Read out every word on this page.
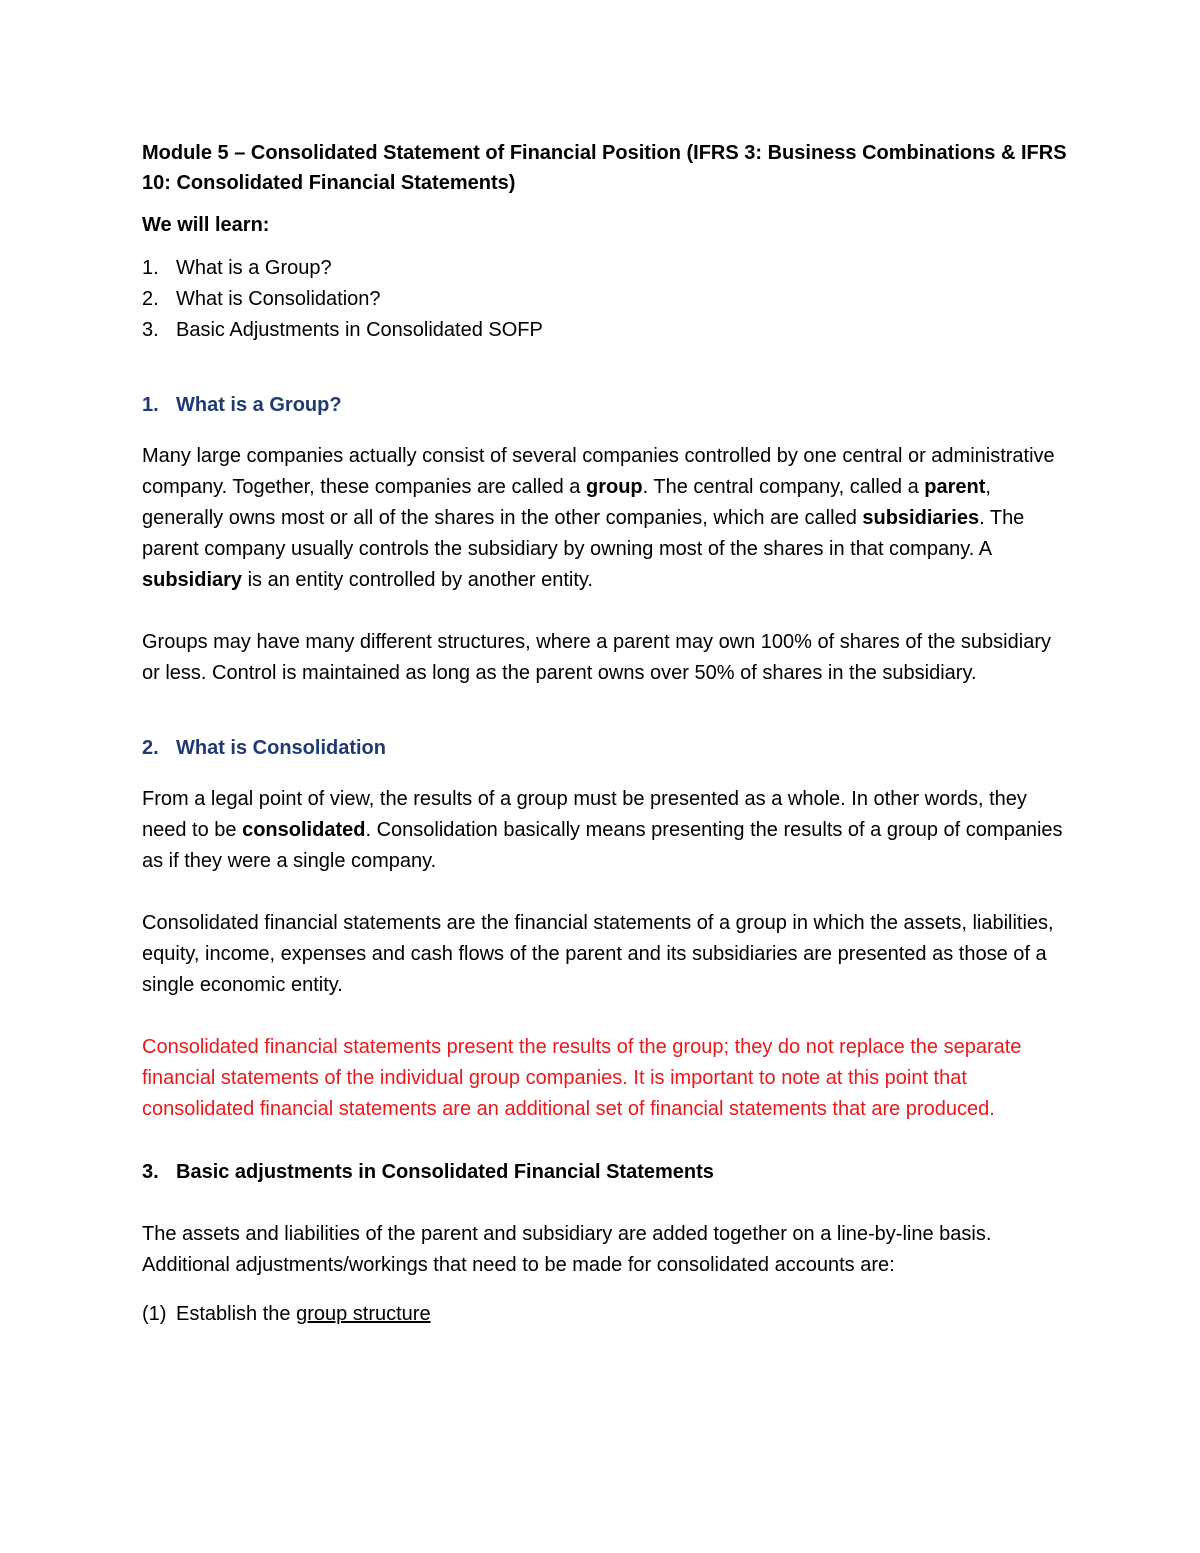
Module 5 – Consolidated Statement of Financial Position (IFRS 3: Business Combinations & IFRS 10: Consolidated Financial Statements)

We will learn:

1. What is a Group?
2. What is Consolidation?
3. Basic Adjustments in Consolidated SOFP
1. What is a Group?

Many large companies actually consist of several companies controlled by one central or administrative company. Together, these companies are called a group. The central company, called a parent, generally owns most or all of the shares in the other companies, which are called subsidiaries. The parent company usually controls the subsidiary by owning most of the shares in that company. A subsidiary is an entity controlled by another entity.

Groups may have many different structures, where a parent may own 100% of shares of the subsidiary or less. Control is maintained as long as the parent owns over 50% of shares in the subsidiary.

2. What is Consolidation

From a legal point of view, the results of a group must be presented as a whole. In other words, they need to be consolidated. Consolidation basically means presenting the results of a group of companies as if they were a single company.

Consolidated financial statements are the financial statements of a group in which the assets, liabilities, equity, income, expenses and cash flows of the parent and its subsidiaries are presented as those of a single economic entity.

Consolidated financial statements present the results of the group; they do not replace the separate financial statements of the individual group companies. It is important to note at this point that consolidated financial statements are an additional set of financial statements that are produced.

3. Basic adjustments in Consolidated Financial Statements

The assets and liabilities of the parent and subsidiary are added together on a line-by-line basis. Additional adjustments/workings that need to be made for consolidated accounts are:

(1) Establish the group structure
